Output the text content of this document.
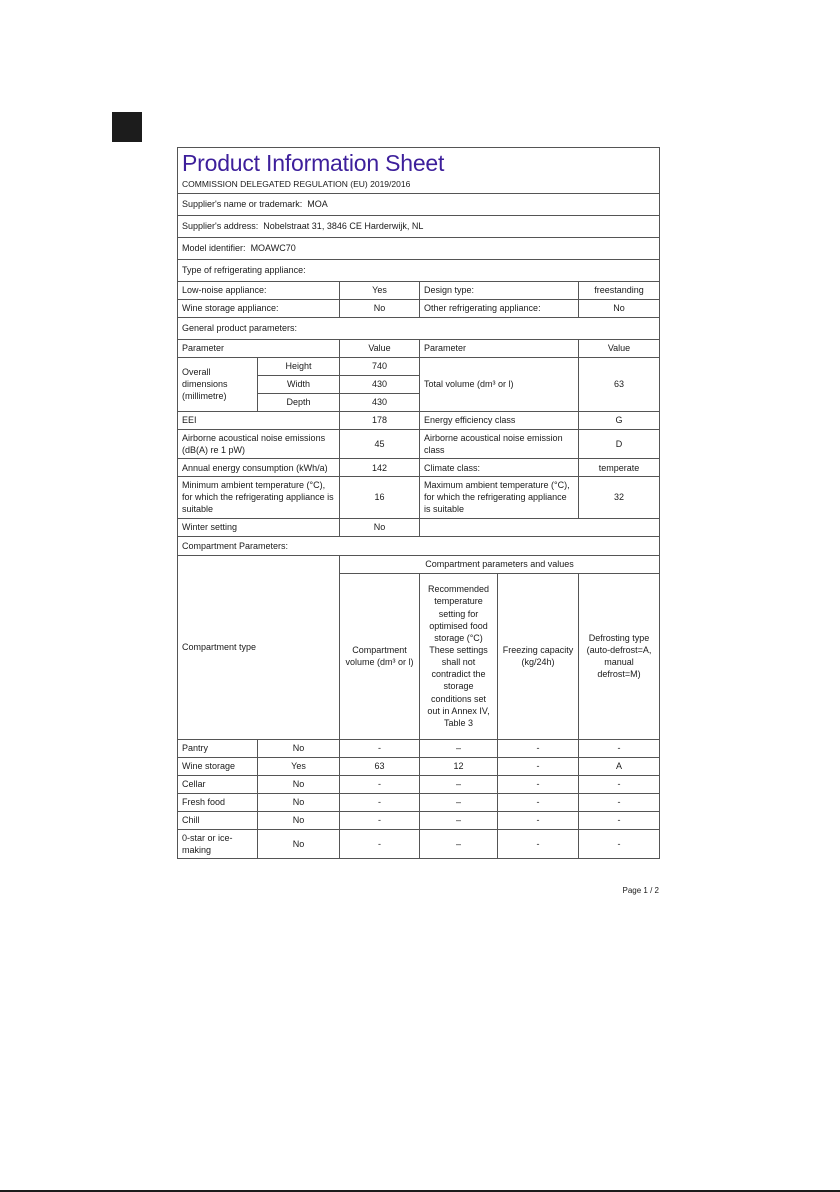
Product Information Sheet
COMMISSION DELEGATED REGULATION (EU) 2019/2016					

Supplier's name or trademark: MOA					
Supplier's address: Nobelstraat 31, 3846 CE Harderwijk, NL					
Model identifier: MOAWC70					
Type of refrigerating appliance:					
Low-noise appliance:		Yes	Design type:		freestanding
Wine storage appliance:		No	Other refrigerating appliance:		No
General product parameters:					
Parameter		Value	Parameter		Value
Overall dimensions (millimetre)	Height	740	Total volume (dm³ or l)		63
	Width	430			
	Depth	430			
EEI		178	Energy efficiency class		G
Airborne acoustical noise emissions (dB(A) re 1 pW)		45	Airborne acoustical noise emission class		D
Annual energy consumption (kWh/a)		142	Climate class:		temperate
Minimum ambient temperature (°C), for which the refrigerating appliance is suitable		16	Maximum ambient temperature (°C), for which the refrigerating appliance is suitable		32
Winter setting		No			
Compartment Parameters:					
Compartment type		Compartment parameters and values			
		Compartment volume (dm³ or l)	Recommended temperature setting for optimised food storage (°C) These settings shall not contradict the storage conditions set out in Annex IV, Table 3	Freezing capacity (kg/24h)	Defrosting type (auto-defrost=A, manual defrost=M)
Pantry	No	-	–	-	-
Wine storage	Yes	63	12	-	A
Cellar	No	-	–	-	-
Fresh food	No	-	–	-	-
Chill	No	-	–	-	-
0-star or ice-making	No	-	–	-	-
Page 1 / 2
